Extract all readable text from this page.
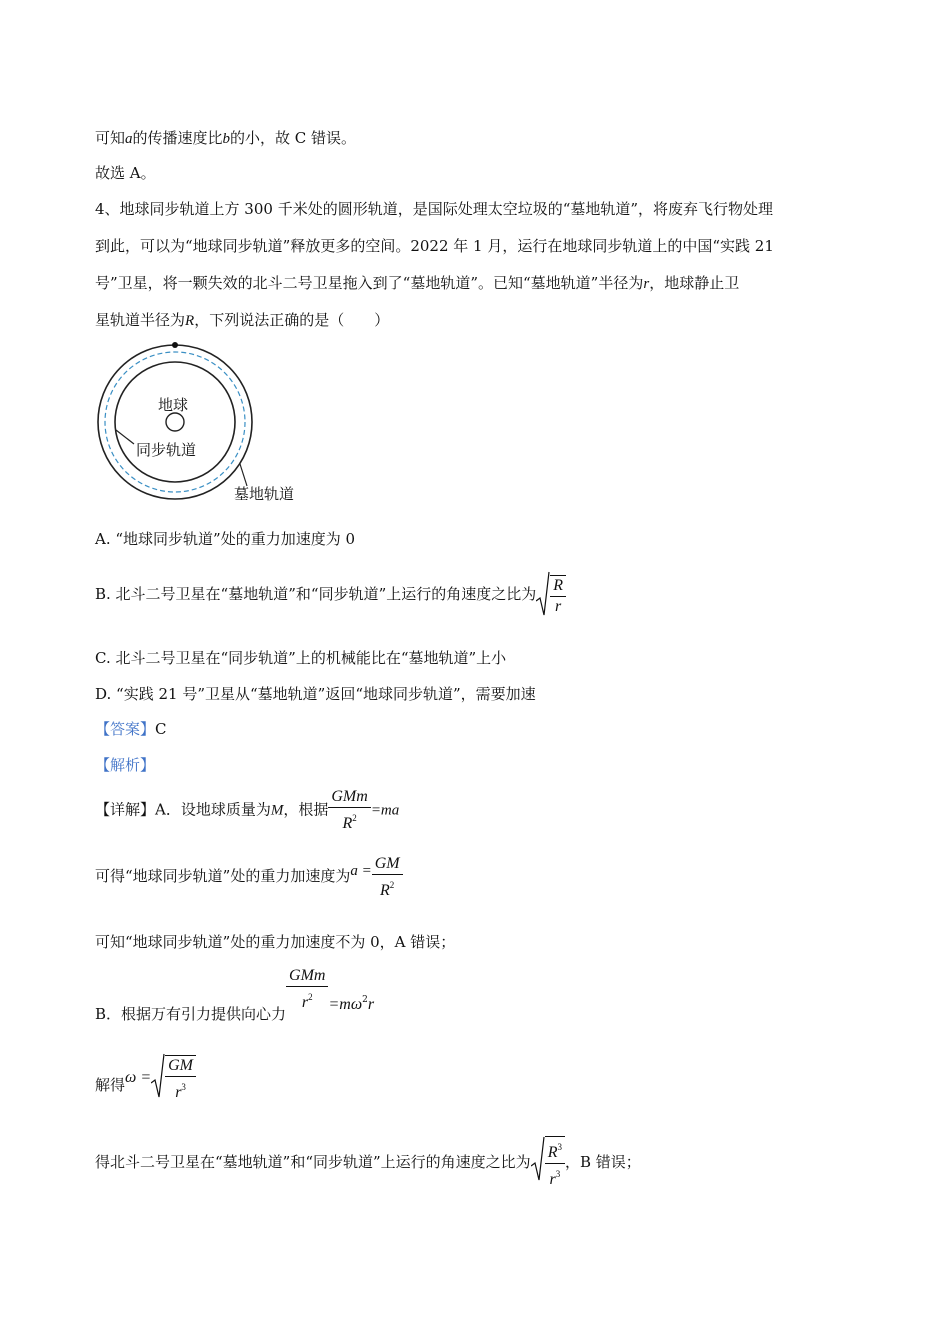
可知a的传播速度比b的小，故 C 错误。
故选 A。
4、地球同步轨道上方 300 千米处的圆形轨道，是国际处理太空垃圾的“墓地轨道”，将废弃飞行物处理
到此，可以为“地球同步轨道”释放更多的空间。2022 年 1 月，运行在地球同步轨道上的中国“实践 21
号”卫星，将一颗失效的北斗二号卫星拖入到了“墓地轨道”。已知“墓地轨道”半径为r，地球静止卫
星轨道半径为R，下列说法正确的是（　　）
地球
同步轨道
墓地轨道
A. “地球同步轨道”处的重力加速度为 0
B. 北斗二号卫星在“墓地轨道”和“同步轨道”上运行的角速度之比为 $\frac{R}{r}$
C. 北斗二号卫星在“同步轨道”上的机械能比在“墓地轨道”上小
D. “实践 21 号”卫星从“墓地轨道”返回“地球同步轨道”，需要加速
【答案】C
【解析】
【详解】A．设地球质量为M，根据 $\frac{\text{GMm}}{R^2} =ma$
可得“地球同步轨道”处的重力加速度为$a = \frac{GM}{R^2}$
可知“地球同步轨道”处的重力加速度不为 0，A 错误；
B．根据万有引力提供向心力
$\frac{\text{GMm}}{r^2} =m\omega^2r$
解得$\omega = \frac{GM}{r^3}$
得北斗二号卫星在“墓地轨道”和“同步轨道”上运行的角速度之比为 $\frac{R^3}{r^3}$ ，B 错误；
